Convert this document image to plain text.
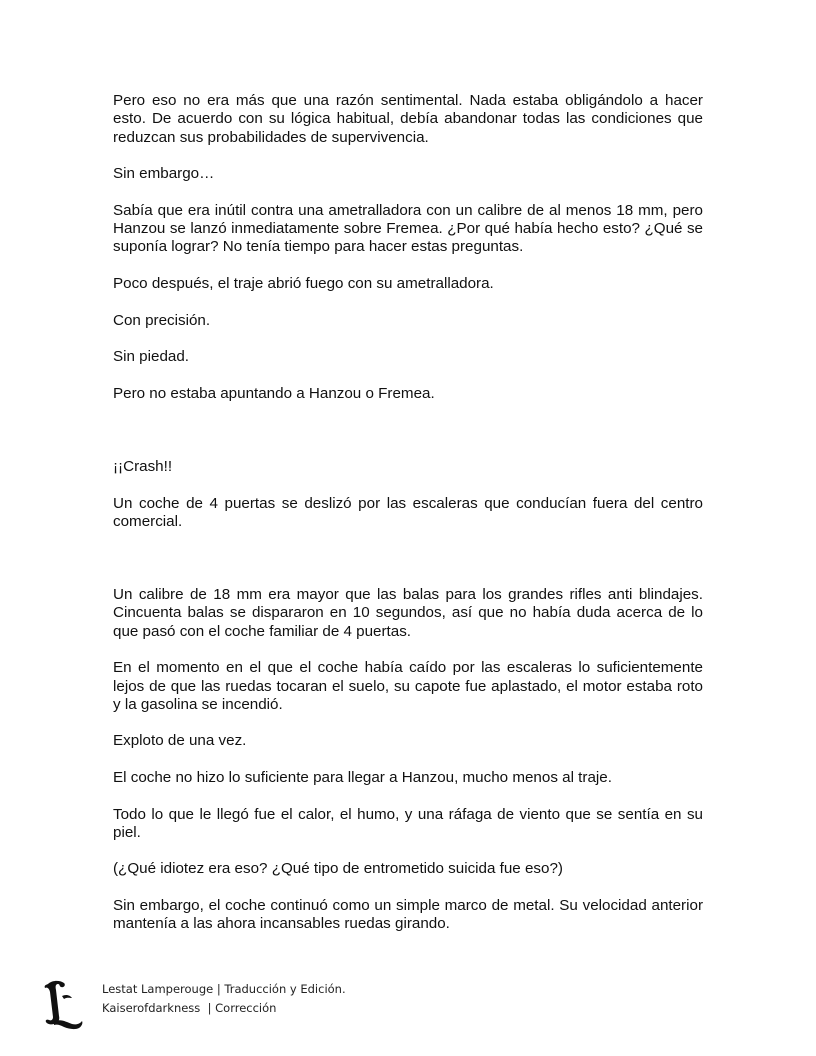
Pero eso no era más que una razón sentimental. Nada estaba obligándolo a hacer esto. De acuerdo con su lógica habitual, debía abandonar todas las condiciones que reduzcan sus probabilidades de supervivencia.

Sin embargo…

Sabía que era inútil contra una ametralladora con un calibre de al menos 18 mm, pero Hanzou se lanzó inmediatamente sobre Fremea. ¿Por qué había hecho esto? ¿Qué se suponía lograr? No tenía tiempo para hacer estas preguntas.

Poco después, el traje abrió fuego con su ametralladora.

Con precisión.

Sin piedad.

Pero no estaba apuntando a Hanzou o Fremea.

¡¡Crash!!

Un coche de 4 puertas se deslizó por las escaleras que conducían fuera del centro comercial.

Un calibre de 18 mm era mayor que las balas para los grandes rifles anti blindajes. Cincuenta balas se dispararon en 10 segundos, así que no había duda acerca de lo que pasó con el coche familiar de 4 puertas.

En el momento en el que el coche había caído por las escaleras lo suficientemente lejos de que las ruedas tocaran el suelo, su capote fue aplastado, el motor estaba roto y la gasolina se incendió.

Exploto de una vez.

El coche no hizo lo suficiente para llegar a Hanzou, mucho menos al traje.

Todo lo que le llegó fue el calor, el humo, y una ráfaga de viento que se sentía en su piel.

(¿Qué idiotez era eso? ¿Qué tipo de entrometido suicida fue eso?)

Sin embargo, el coche continuó como un simple marco de metal. Su velocidad anterior mantenía a las ahora incansables ruedas girando.

Lestat Lamperouge | Traducción y Edición.
Kaiserofdarkness  | Corrección
